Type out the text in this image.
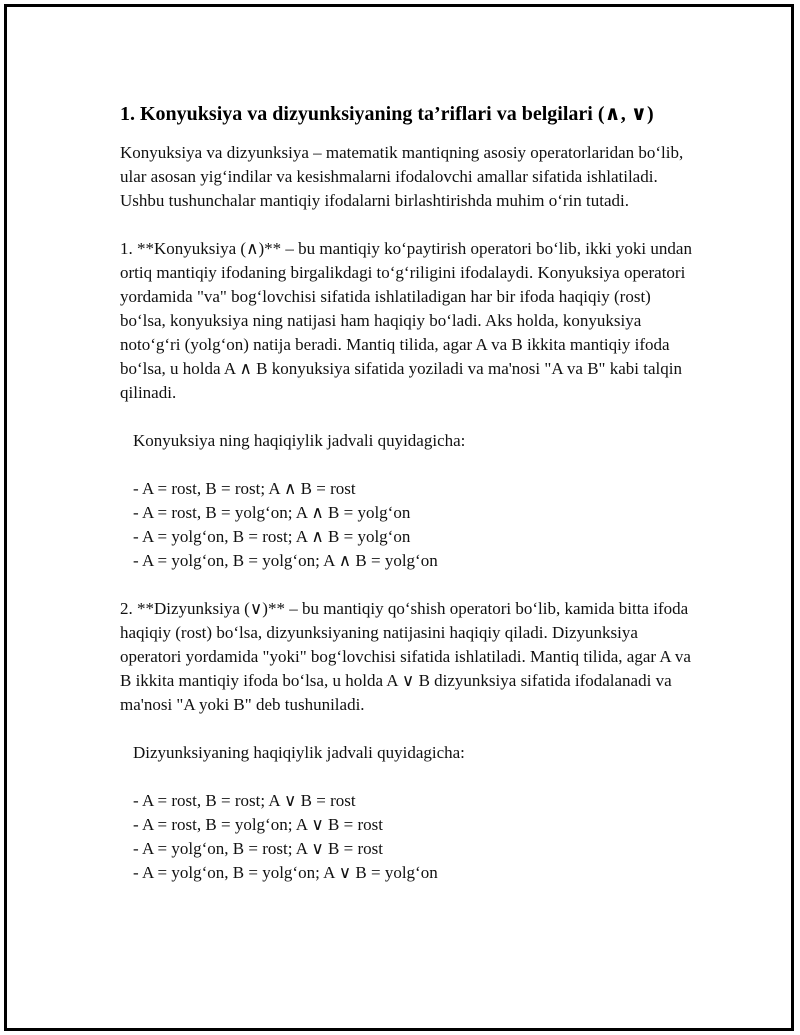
1. Konyuksiya va dizyunksiyaning ta’riflari va belgilari (∧, ∨)

Konyuksiya va dizyunksiya – matematik mantiqning asosiy operatorlaridan bo‘lib, ular asosan yig‘indilar va kesishmalarni ifodalovchi amallar sifatida ishlatiladi. Ushbu tushunchalar mantiqiy ifodalarni birlashtirishda muhim o‘rin tutadi.

1. **Konyuksiya (∧)** – bu mantiqiy ko‘paytirish operatori bo‘lib, ikki yoki undan ortiq mantiqiy ifodaning birgalikdagi to‘g‘riligini ifodalaydi. Konyuksiya operatori yordamida "va" bog‘lovchisi sifatida ishlatiladigan har bir ifoda haqiqiy (rost) bo‘lsa, konyuksiya ning natijasi ham haqiqiy bo‘ladi. Aks holda, konyuksiya noto‘g‘ri (yolg‘on) natija beradi. Mantiq tilida, agar A va B ikkita mantiqiy ifoda bo‘lsa, u holda A ∧ B konyuksiya sifatida yoziladi va ma'nosi "A va B" kabi talqin qilinadi.

Konyuksiya ning haqiqiylik jadvali quyidagicha:

- A = rost, B = rost; A ∧ B = rost
- A = rost, B = yolg‘on; A ∧ B = yolg‘on
- A = yolg‘on, B = rost; A ∧ B = yolg‘on
- A = yolg‘on, B = yolg‘on; A ∧ B = yolg‘on

2. **Dizyunksiya (∨)** – bu mantiqiy qo‘shish operatori bo‘lib, kamida bitta ifoda haqiqiy (rost) bo‘lsa, dizyunksiyaning natijasini haqiqiy qiladi. Dizyunksiya operatori yordamida "yoki" bog‘lovchisi sifatida ishlatiladi. Mantiq tilida, agar A va B ikkita mantiqiy ifoda bo‘lsa, u holda A ∨ B dizyunksiya sifatida ifodalanadi va ma'nosi "A yoki B" deb tushuniladi.

Dizyunksiyaning haqiqiylik jadvali quyidagicha:

- A = rost, B = rost; A ∨ B = rost
- A = rost, B = yolg‘on; A ∨ B = rost
- A = yolg‘on, B = rost; A ∨ B = rost
- A = yolg‘on, B = yolg‘on; A ∨ B = yolg‘on
